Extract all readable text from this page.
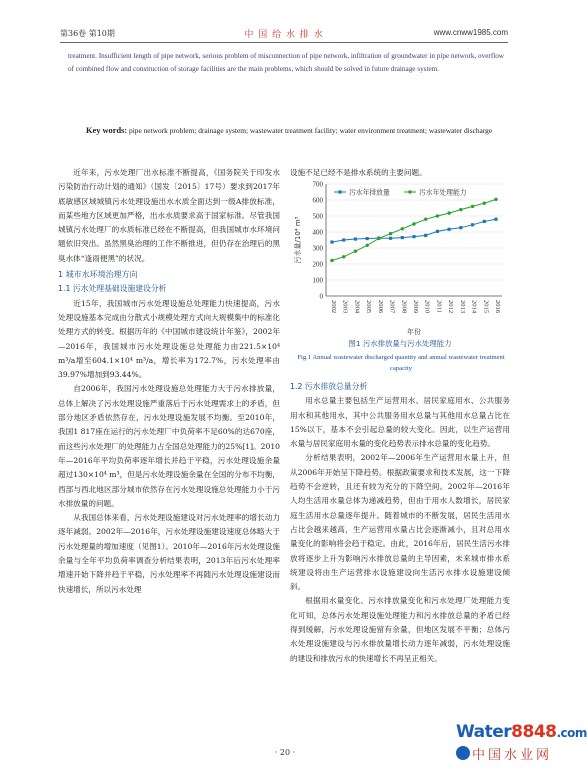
第36卷 第10期	中 国 给 水 排 水	www.cnww1985.com
treatment. Insufficient length of pipe network, serious problem of misconnection of pipe network, infiltration of groundwater in pipe network, overflow of combined flow and construction of storage facilities are the main problems, which should be solved in future drainage system.
Key words: pipe network problem; drainage system; wastewater treatment facility; water environment treatment; wastewater discharge

近年来，污水处理厂出水标准不断提高，《国务院关于印发水污染防治行动计划的通知》（国发〔2015〕17号）要求到2017年底敏感区域城镇污水处理设施出水水质全面达到一级A排放标准，而某些地方区域更加严格，出水水质要求高于国家标准。尽管我国城镇污水处理厂的水质标准已经在不断提高，但我国城市水环境问题依旧突出。虽然黑臭治理的工作不断推进，但仍存在治理后的黑臭水体“逢雨便黑”的状况。

1 城市水环境治理方向
1.1 污水处理基础设施建设分析

近15年，我国城市污水处理设施总处理能力快速提高，污水处理设施基本完成由分散式小规模处理方式向大规模集中的标准化处理方式的转变。根据历年的《中国城市建设统计年鉴》，2002年—2016年，我国城市污水处理设施总处理能力由221.5×10⁴ m³/a增至604.1×10⁴ m³/a，增长率为172.7%，污水处理率由39.97%增加到93.44%。

自2006年，我国污水处理设施总处理能力大于污水排放量，总体上解决了污水处理设施严重落后于污水处理需求上的矛盾，但部分地区矛盾依然存在，污水处理设施发展不均衡。至2010年，我国1 817座在运行的污水处理厂中负荷率不足60%的达670座，而这些污水处理厂的处理能力占全国总处理能力的25%[1]。2010年—2016年平均负荷率逐年增长并趋于平稳，污水处理设施余量超过130×10⁴ m³，但是污水处理设施余量在全国的分布不均衡，西部与西北地区部分城市依然存在污水处理设施总处理能力小于污水排放量的问题。

从我国总体来看，污水处理设施建设对污水处理率的增长动力逐年减弱。2002年—2016年，污水处理设施建设速度总体略大于污水处理量的增加速度（见图1）。2010年—2016年污水处理设施余量与全年平均负荷率调查分析结果表明，2013年后污水处理率增速开始下降并趋于平稳，污水处理率不再随污水处理设施建设而快速增长，所以污水处理

设施不足已经不是排水系统的主要问题。

0
100
200
300
400
500
600
700
2002 2003 2004 2005 2006 2007 2008 2009 2010 2011 2012 2013 2014 2015 2016
污水量/10⁴ m³
年份
污水年排放量	污水年处理能力
图1 污水排放量与污水处理能力
Fig.1 Annual wastewater discharged quantity and annual wastewater treatment capacity
1.2 污水排放总量分析

用水总量主要包括生产运营用水、居民家庭用水、公共服务用水和其他用水，其中公共服务用水总量与其他用水总量占比在15%以下，基本不会引起总量的较大变化。因此，以生产运营用水量与居民家庭用水量的变化趋势表示排水总量的变化趋势。

分析结果表明，2002年—2006年生产运营用水量上升，但从2006年开始呈下降趋势。根据政策要求和技术发展，这一下降趋势不会逆转，且还有较为充分的下降空间。2002年—2016年人均生活用水量总体为递减趋势，但由于用水人数增长，居民家庭生活用水总量逐年提升。随着城市的不断发展，居民生活用水占比会越来越高，生产运营用水量占比会逐渐减小，且对总用水量变化的影响将会趋于稳定。由此，2016年后，居民生活污水排放将逐步上升为影响污水排放总量的主导因素，未来城市排水系统建设将由生产运营排水设施建设向生活污水排水设施建设倾斜。

根据用水量变化、污水排放量变化和污水处理厂处理能力变化可知，总体污水处理设施处理能力和污水排放总量的矛盾已经得到缓解，污水处理设施留有余量，但地区发展不平衡；总体污水处理设施建设与污水排放量增长动力逐年减弱，污水处理设施的建设和排放污水的快速增长不再呈正相关。

· 20 ·
Water8848.com
中国水业网
